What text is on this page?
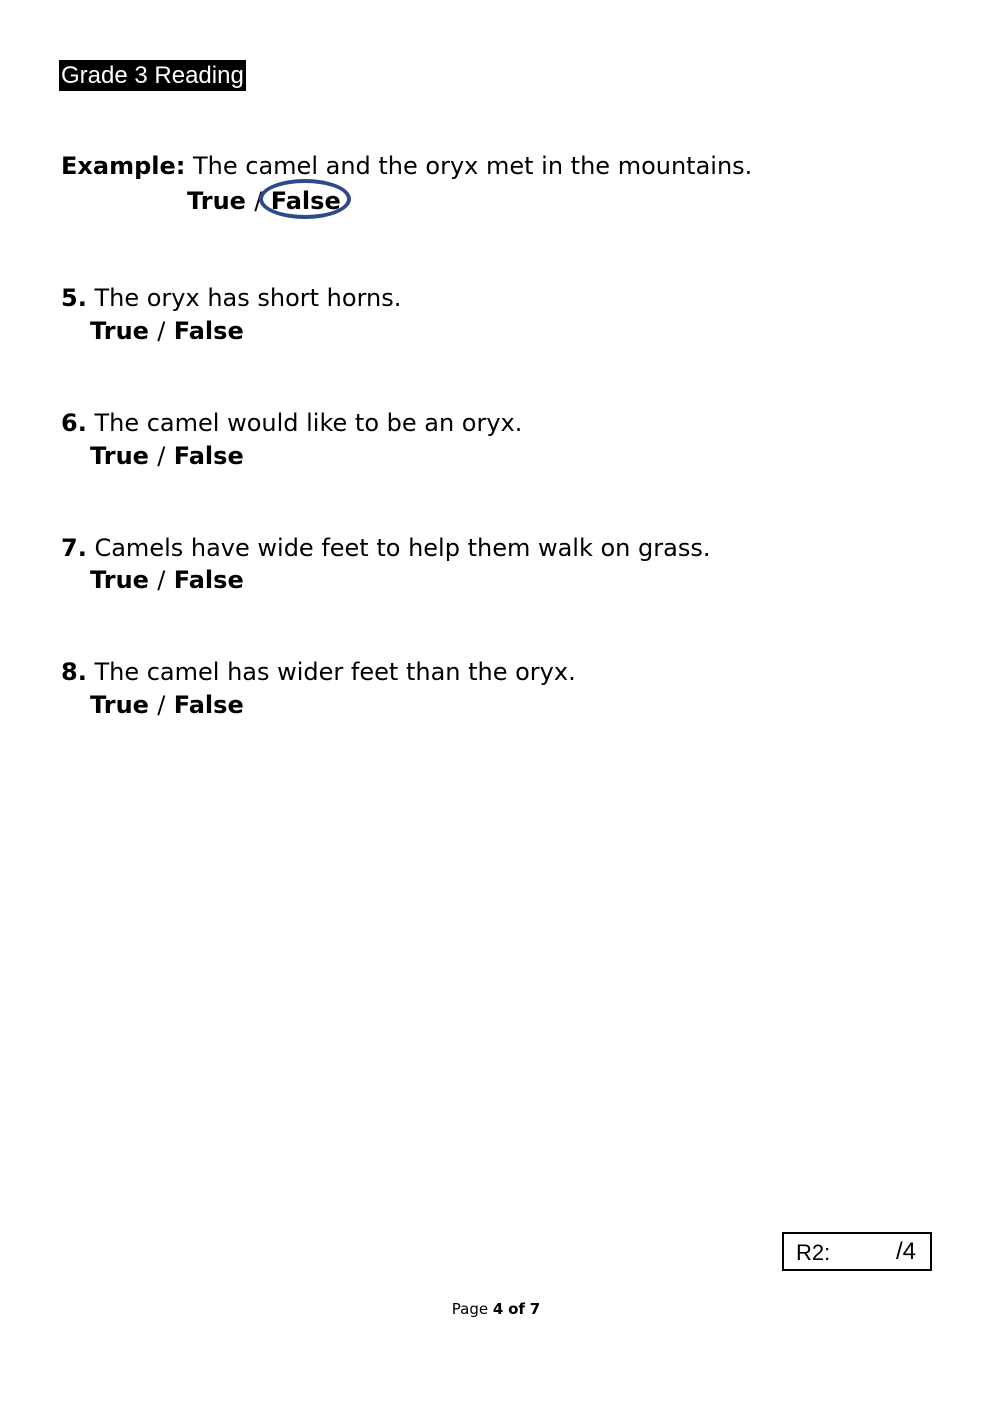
Grade 3 Reading
Example: The camel and the oryx met in the mountains.
True / False
5. The oryx has short horns.
True / False
6. The camel would like to be an oryx.
True / False
7. Camels have wide feet to help them walk on grass.
True / False
8. The camel has wider feet than the oryx.
True / False
R2:	/4
Page 4 of 7
